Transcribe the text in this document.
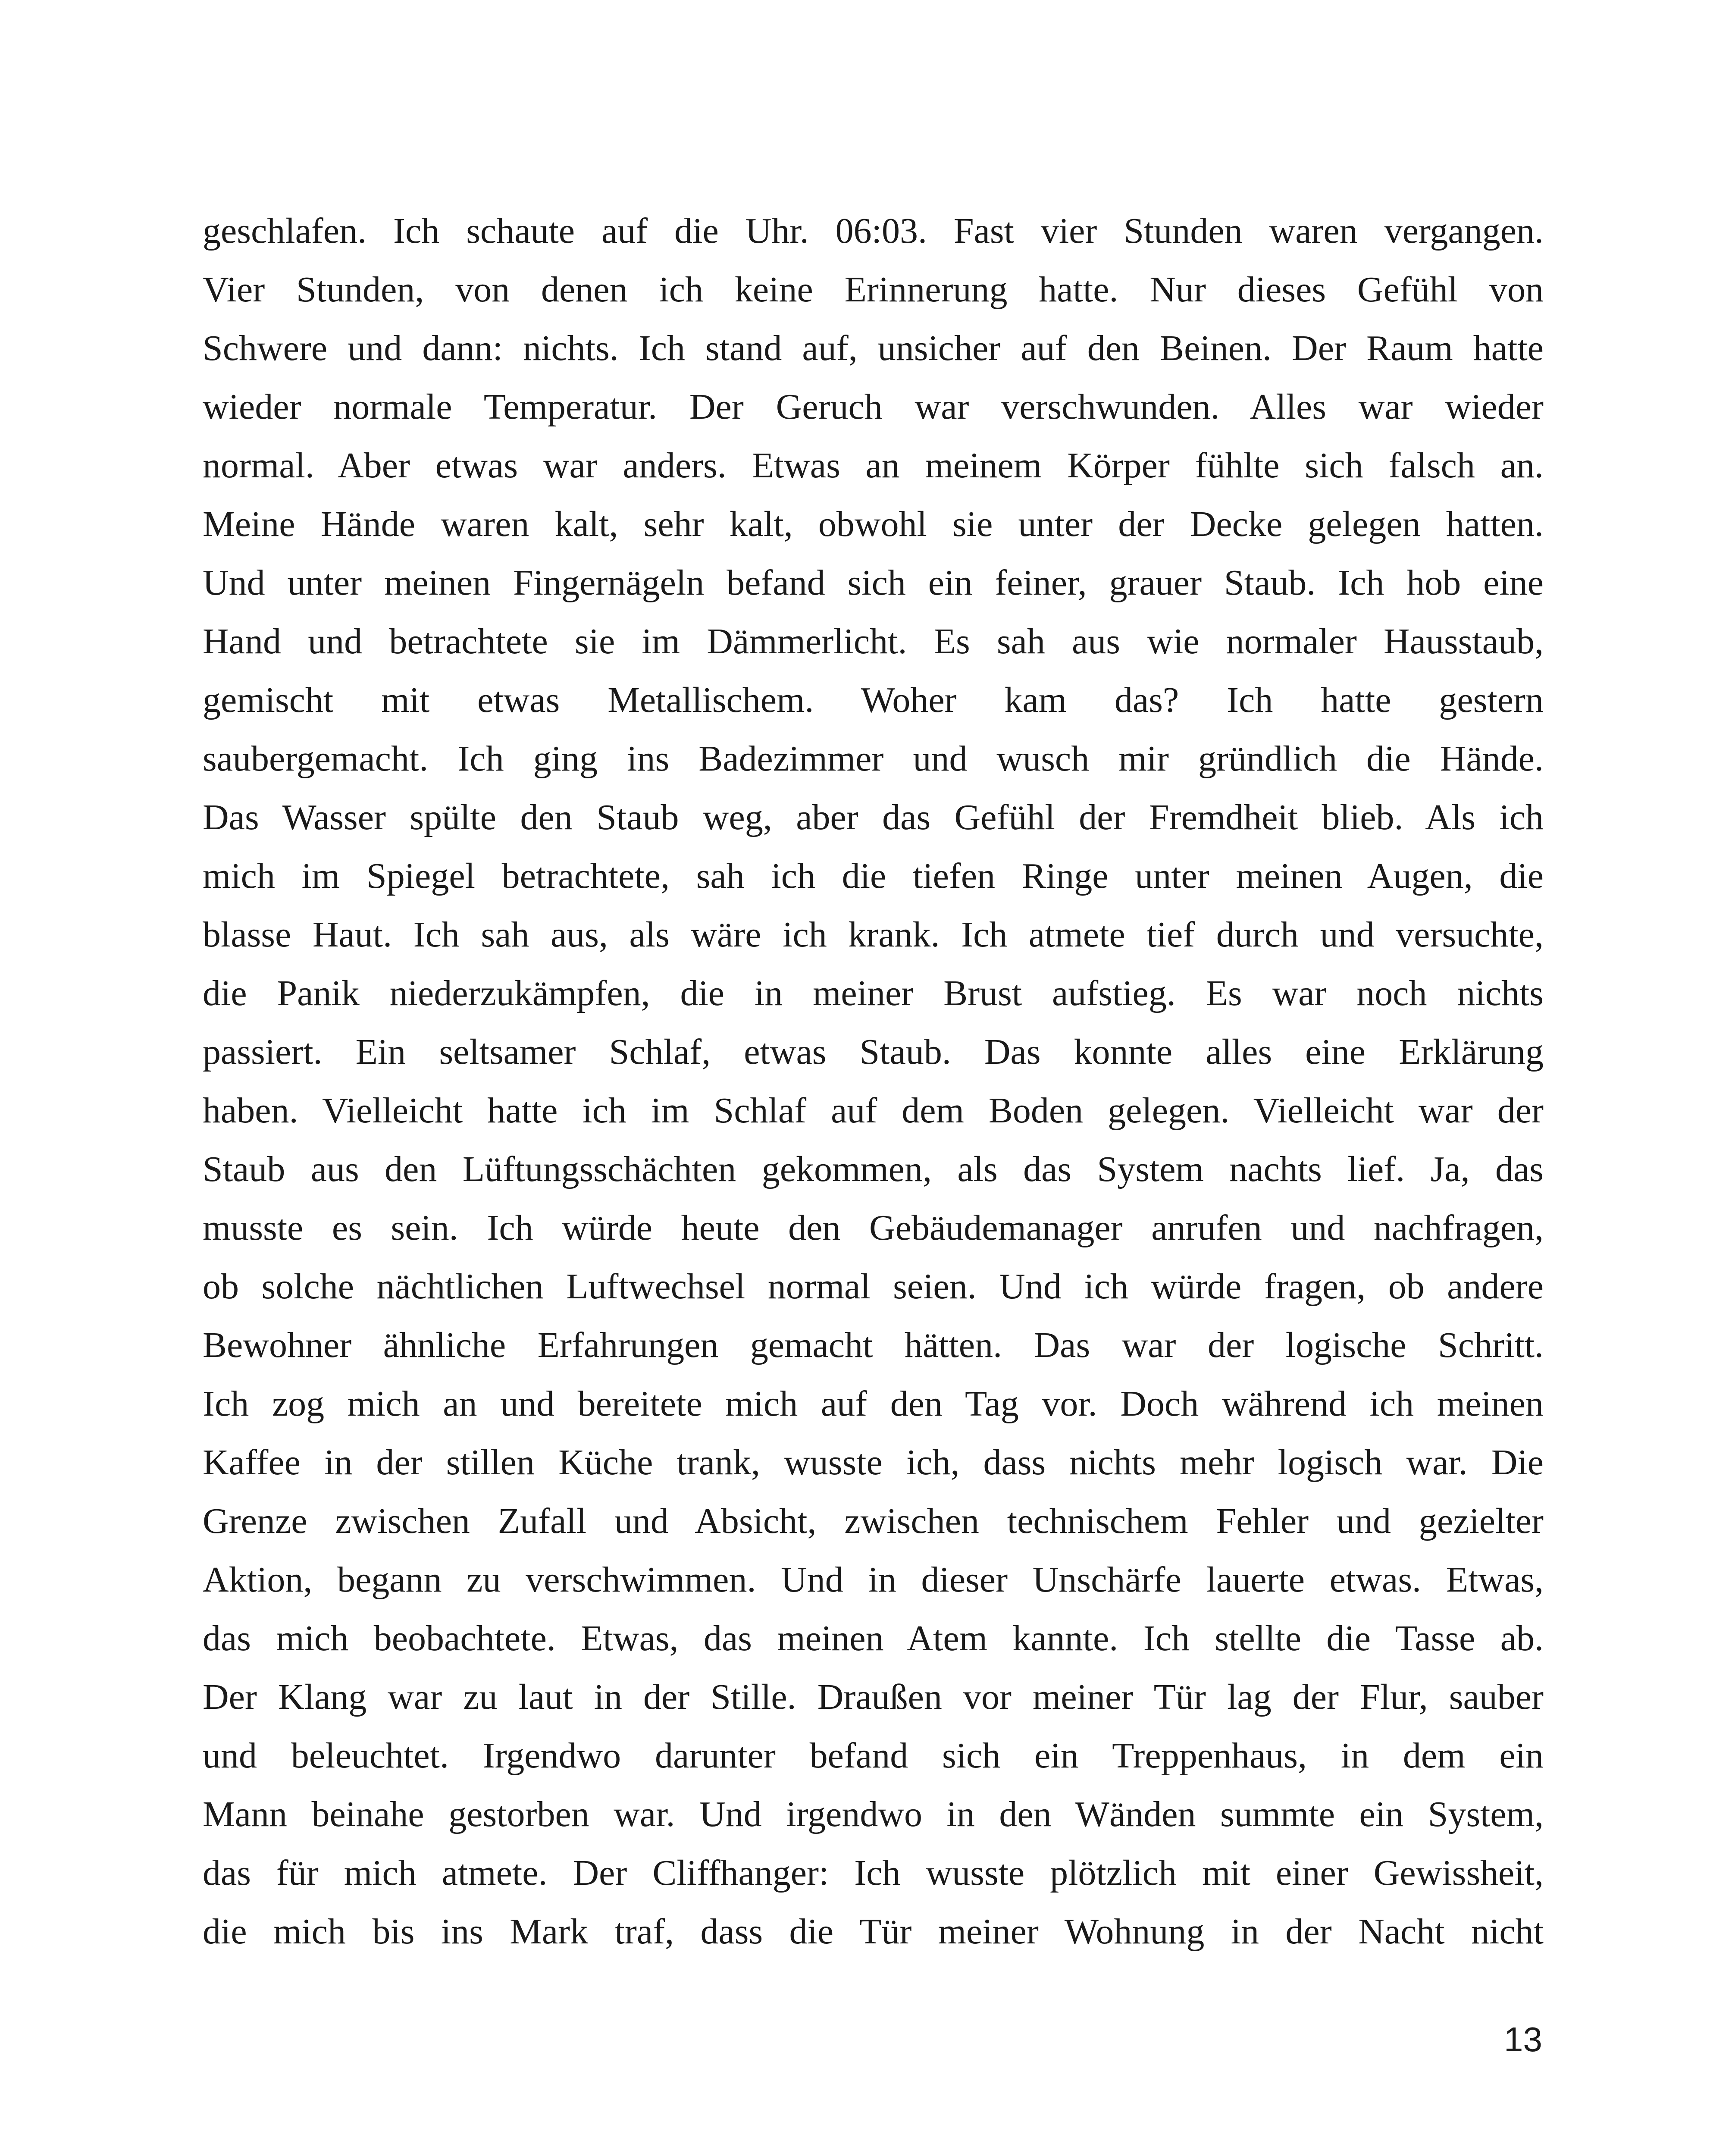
geschlafen. Ich schaute auf die Uhr. 06:03. Fast vier Stunden waren vergangen.
Vier Stunden, von denen ich keine Erinnerung hatte. Nur dieses Gefühl von
Schwere und dann: nichts. Ich stand auf, unsicher auf den Beinen. Der Raum hatte
wieder normale Temperatur. Der Geruch war verschwunden. Alles war wieder
normal. Aber etwas war anders. Etwas an meinem Körper fühlte sich falsch an.
Meine Hände waren kalt, sehr kalt, obwohl sie unter der Decke gelegen hatten.
Und unter meinen Fingernägeln befand sich ein feiner, grauer Staub. Ich hob eine
Hand und betrachtete sie im Dämmerlicht. Es sah aus wie normaler Hausstaub,
gemischt mit etwas Metallischem. Woher kam das? Ich hatte gestern
saubergemacht. Ich ging ins Badezimmer und wusch mir gründlich die Hände.
Das Wasser spülte den Staub weg, aber das Gefühl der Fremdheit blieb. Als ich
mich im Spiegel betrachtete, sah ich die tiefen Ringe unter meinen Augen, die
blasse Haut. Ich sah aus, als wäre ich krank. Ich atmete tief durch und versuchte,
die Panik niederzukämpfen, die in meiner Brust aufstieg. Es war noch nichts
passiert. Ein seltsamer Schlaf, etwas Staub. Das konnte alles eine Erklärung
haben. Vielleicht hatte ich im Schlaf auf dem Boden gelegen. Vielleicht war der
Staub aus den Lüftungsschächten gekommen, als das System nachts lief. Ja, das
musste es sein. Ich würde heute den Gebäudemanager anrufen und nachfragen,
ob solche nächtlichen Luftwechsel normal seien. Und ich würde fragen, ob andere
Bewohner ähnliche Erfahrungen gemacht hätten. Das war der logische Schritt.
Ich zog mich an und bereitete mich auf den Tag vor. Doch während ich meinen
Kaffee in der stillen Küche trank, wusste ich, dass nichts mehr logisch war. Die
Grenze zwischen Zufall und Absicht, zwischen technischem Fehler und gezielter
Aktion, begann zu verschwimmen. Und in dieser Unschärfe lauerte etwas. Etwas,
das mich beobachtete. Etwas, das meinen Atem kannte. Ich stellte die Tasse ab.
Der Klang war zu laut in der Stille. Draußen vor meiner Tür lag der Flur, sauber
und beleuchtet. Irgendwo darunter befand sich ein Treppenhaus, in dem ein
Mann beinahe gestorben war. Und irgendwo in den Wänden summte ein System,
das für mich atmete. Der Cliffhanger: Ich wusste plötzlich mit einer Gewissheit,
die mich bis ins Mark traf, dass die Tür meiner Wohnung in der Nacht nicht
13
